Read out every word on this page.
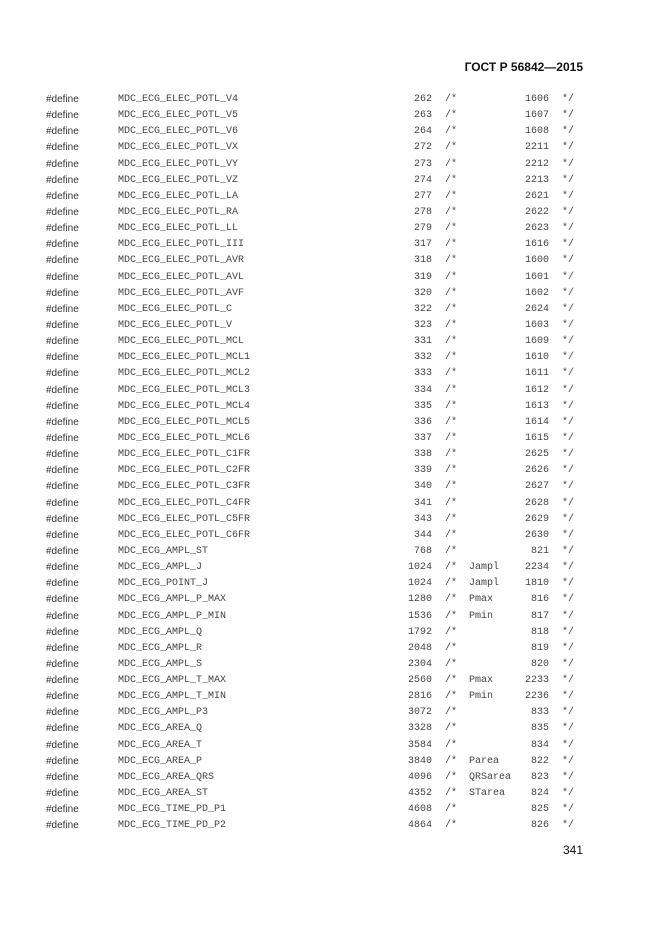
ГОСТ Р 56842—2015
#define	MDC_ECG_ELEC_POTL_V4	262 /*	1606 */
#define	MDC_ECG_ELEC_POTL_V5	263 /*	1607 */
#define	MDC_ECG_ELEC_POTL_V6	264 /*	1608 */
#define	MDC_ECG_ELEC_POTL_VX	272 /*	2211 */
#define	MDC_ECG_ELEC_POTL_VY	273 /*	2212 */
#define	MDC_ECG_ELEC_POTL_VZ	274 /*	2213 */
#define	MDC_ECG_ELEC_POTL_LA	277 /*	2621 */
#define	MDC_ECG_ELEC_POTL_RA	278 /*	2622 */
#define	MDC_ECG_ELEC_POTL_LL	279 /*	2623 */
#define	MDC_ECG_ELEC_POTL_III	317 /*	1616 */
#define	MDC_ECG_ELEC_POTL_AVR	318 /*	1600 */
#define	MDC_ECG_ELEC_POTL_AVL	319 /*	1601 */
#define	MDC_ECG_ELEC_POTL_AVF	320 /*	1602 */
#define	MDC_ECG_ELEC_POTL_C	322 /*	2624 */
#define	MDC_ECG_ELEC_POTL_V	323 /*	1603 */
#define	MDC_ECG_ELEC_POTL_MCL	331 /*	1609 */
#define	MDC_ECG_ELEC_POTL_MCL1	332 /*	1610 */
#define	MDC_ECG_ELEC_POTL_MCL2	333 /*	1611 */
#define	MDC_ECG_ELEC_POTL_MCL3	334 /*	1612 */
#define	MDC_ECG_ELEC_POTL_MCL4	335 /*	1613 */
#define	MDC_ECG_ELEC_POTL_MCL5	336 /*	1614 */
#define	MDC_ECG_ELEC_POTL_MCL6	337 /*	1615 */
#define	MDC_ECG_ELEC_POTL_C1FR	338 /*	2625 */
#define	MDC_ECG_ELEC_POTL_C2FR	339 /*	2626 */
#define	MDC_ECG_ELEC_POTL_C3FR	340 /*	2627 */
#define	MDC_ECG_ELEC_POTL_C4FR	341 /*	2628 */
#define	MDC_ECG_ELEC_POTL_C5FR	343 /*	2629 */
#define	MDC_ECG_ELEC_POTL_C6FR	344 /*	2630 */
#define	MDC_ECG_AMPL_ST	768 /*	821 */
#define	MDC_ECG_AMPL_J	1024 /* Jampl	2234 */
#define	MDC_ECG_POINT_J	1024 /* Jampl	1810 */
#define	MDC_ECG_AMPL_P_MAX	1280 /* Pmax	816 */
#define	MDC_ECG_AMPL_P_MIN	1536 /* Pmin	817 */
#define	MDC_ECG_AMPL_Q	1792 /*	818 */
#define	MDC_ECG_AMPL_R	2048 /*	819 */
#define	MDC_ECG_AMPL_S	2304 /*	820 */
#define	MDC_ECG_AMPL_T_MAX	2560 /* Pmax	2233 */
#define	MDC_ECG_AMPL_T_MIN	2816 /* Pmin	2236 */
#define	MDC_ECG_AMPL_P3	3072 /*	833 */
#define	MDC_ECG_AREA_Q	3328 /*	835 */
#define	MDC_ECG_AREA_T	3584 /*	834 */
#define	MDC_ECG_AREA_P	3840 /* Parea	822 */
#define	MDC_ECG_AREA_QRS	4096 /* QRSarea 823 */
#define	MDC_ECG_AREA_ST	4352 /* STarea	824 */
#define	MDC_ECG_TIME_PD_P1	4608 /*	825 */
#define	MDC_ECG_TIME_PD_P2	4864 /*	826 */
341
